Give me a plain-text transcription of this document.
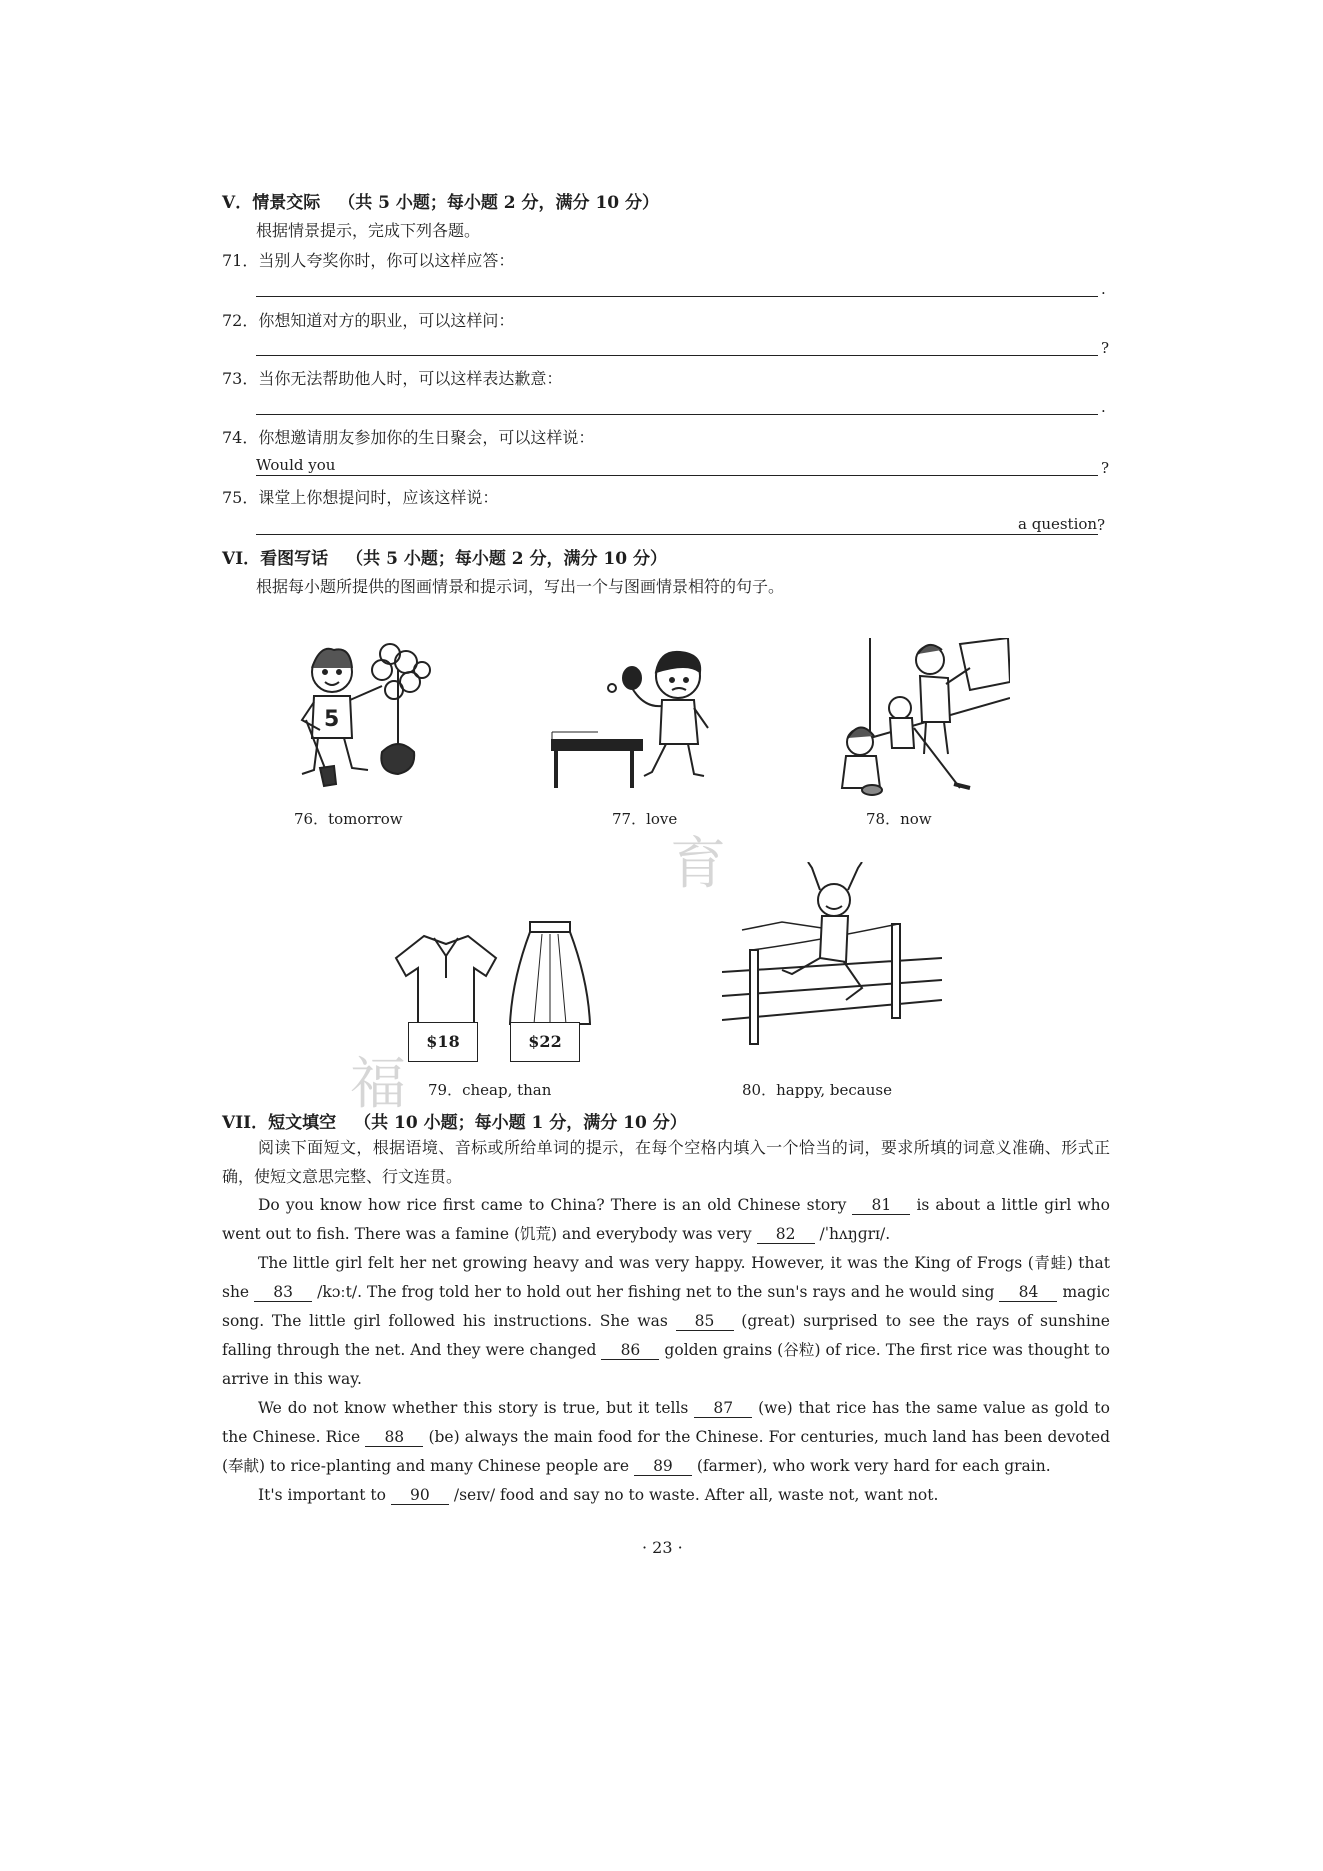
育
福
V．情景交际 （共 5 小题；每小题 2 分，满分 10 分）
根据情景提示，完成下列各题。
71．当别人夸奖你时，你可以这样应答：
.
72．你想知道对方的职业，可以这样问：
?
73．当你无法帮助他人时，可以这样表达歉意：
.
74．你想邀请朋友参加你的生日聚会，可以这样说：
Would you	?
75．课堂上你想提问时，应该这样说：
a question ?
VI．看图写话 （共 5 小题；每小题 2 分，满分 10 分）
根据每小题所提供的图画情景和提示词，写出一个与图画情景相符的句子。
5
76．tomorrow	77．love	78．now
$18	$22
79．cheap, than	80．happy, because
VII．短文填空 （共 10 小题；每小题 1 分，满分 10 分）

阅读下面短文，根据语境、音标或所给单词的提示，在每个空格内填入一个恰当的词，要求所填的词意义准确、形式正确，使短文意思完整、行文连贯。

Do you know how rice first came to China? There is an old Chinese story 81 is about a little girl who went out to fish. There was a famine (饥荒) and everybody was very 82 /ˈhʌŋɡrɪ/.

The little girl felt her net growing heavy and was very happy. However, it was the King of Frogs (青蛙) that she 83 /kɔːt/. The frog told her to hold out her fishing net to the sun's rays and he would sing 84 magic song. The little girl followed his instructions. She was 85 (great) surprised to see the rays of sunshine falling through the net. And they were changed 86 golden grains (谷粒) of rice. The first rice was thought to arrive in this way.

We do not know whether this story is true, but it tells 87 (we) that rice has the same value as gold to the Chinese. Rice 88 (be) always the main food for the Chinese. For centuries, much land has been devoted (奉献) to rice-planting and many Chinese people are 89 (farmer), who work very hard for each grain.

It's important to 90 /seɪv/ food and say no to waste. After all, waste not, want not.

· 23 ·
